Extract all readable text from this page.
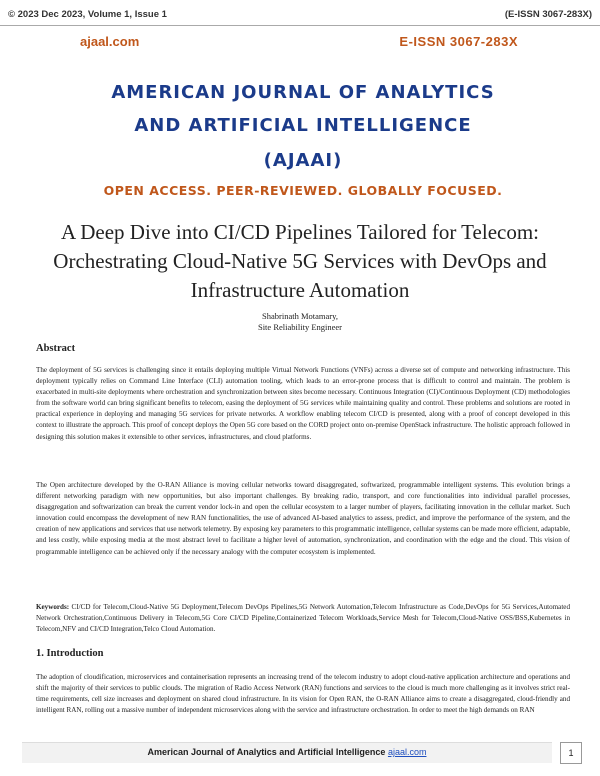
© 2023 Dec 2023, Volume 1, Issue 1	(E-ISSN 3067-283X)
ajaal.com	E-ISSN 3067-283X
AMERICAN JOURNAL OF ANALYTICS
AND ARTIFICIAL INTELLIGENCE
(AJAAI)
OPEN ACCESS. PEER-REVIEWED. GLOBALLY FOCUSED.
A Deep Dive into CI/CD Pipelines Tailored for Telecom: Orchestrating Cloud-Native 5G Services with DevOps and Infrastructure Automation
Shabrinath Motamary,
Site Reliability Engineer
Abstract
The deployment of 5G services is challenging since it entails deploying multiple Virtual Network Functions (VNFs) across a diverse set of compute and networking infrastructure. This deployment typically relies on Command Line Interface (CLI) automation tooling, which leads to an error-prone process that is difficult to control and maintain. The problem is exacerbated in multi-site deployments where orchestration and synchronization between sites become necessary. Continuous Integration (CI)/Continuous Deployment (CD) methodologies from the software world can bring significant benefits to telecom, easing the deployment of 5G services while maintaining quality and control. These problems and solutions are rooted in practical experience in deploying and managing 5G services for private networks. A workflow enabling telecom CI/CD is presented, along with a proof of concept developed in this context to illustrate the approach. This proof of concept deploys the Open 5G core based on the CORD project onto on-premise OpenStack infrastructure. The holistic approach followed in designing this solution makes it extensible to other services, infrastructures, and cloud platforms.
The Open architecture developed by the O-RAN Alliance is moving cellular networks toward disaggregated, softwarized, programmable intelligent systems. This evolution brings a different networking paradigm with new opportunities, but also important challenges. By breaking radio, transport, and core functionalities into individual parallel processes, disaggregation and softwarization can break the current vendor lock-in and open the cellular ecosystem to a larger number of players, facilitating innovation in the cellular market. Such innovation could encompass the development of new RAN functionalities, the use of advanced AI-based analytics to assess, predict, and improve the performance of the system, and the creation of new applications and services that use network telemetry. By exposing key parameters to this programmatic intelligence, cellular systems can be made more efficient, adaptable, and less costly, while exposing media at the most abstract level to facilitate a higher level of automation, synchronization, and coordination with the edge and the cloud. This vision of programmable intelligence can be achieved only if the necessary analogy with the computer ecosystem is implemented.
Keywords: CI/CD for Telecom,Cloud-Native 5G Deployment,Telecom DevOps Pipelines,5G Network Automation,Telecom Infrastructure as Code,DevOps for 5G Services,Automated Network Orchestration,Continuous Delivery in Telecom,5G Core CI/CD Pipeline,Containerized Telecom Workloads,Service Mesh for Telecom,Cloud-Native OSS/BSS,Kubernetes in Telecom,NFV and CI/CD Integration,Telco Cloud Automation.
1. Introduction
The adoption of cloudification, microservices and containerisation represents an increasing trend of the telecom industry to adopt cloud-native application architecture and operations and shift the majority of their services to public clouds. The migration of Radio Access Network (RAN) functions and services to the cloud is much more challenging as it involves strict real-time requirements, cell size increases and deployment on shared cloud infrastructure. In its vision for Open RAN, the O-RAN Alliance aims to create a disaggregated, cloud-friendly and intelligent RAN, rolling out a massive number of independent microservices along with the service and infrastructure orchestration. In order to meet the high demands on RAN
American Journal of Analytics and Artificial Intelligence ajaal.com	1
